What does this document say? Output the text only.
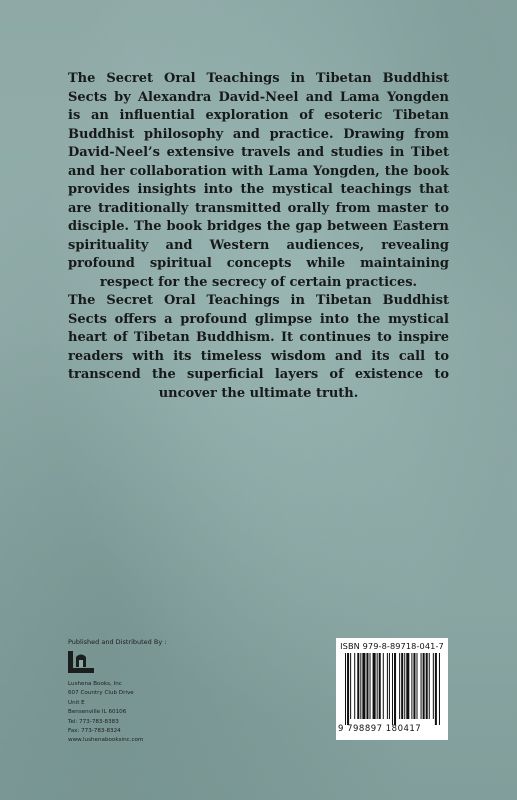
The Secret Oral Teachings in Tibetan Buddhist Sects by Alexandra David-Neel and Lama Yongden is an influential exploration of esoteric Tibetan Buddhist philosophy and practice. Drawing from David-Neel’s extensive travels and studies in Tibet and her collaboration with Lama Yongden, the book provides insights into the mystical teachings that are traditionally transmitted orally from master to disciple. The book bridges the gap between Eastern spirituality and Western audiences, revealing profound spiritual concepts while maintaining respect for the secrecy of certain practices.

The Secret Oral Teachings in Tibetan Buddhist Sects offers a profound glimpse into the mystical heart of Tibetan Buddhism. It continues to inspire readers with its timeless wisdom and its call to transcend the superficial layers of existence to uncover the ultimate truth.

Published and Distributed By :
Lushena Books, Inc
607 Country Club Drive
Unit E
Bensenville IL 60106
Tel: 773-783-8383
Fax: 773-783-8324
www.lushenabooksinc.com
ISBN 979-8-89718-041-7
9 798897 180417
